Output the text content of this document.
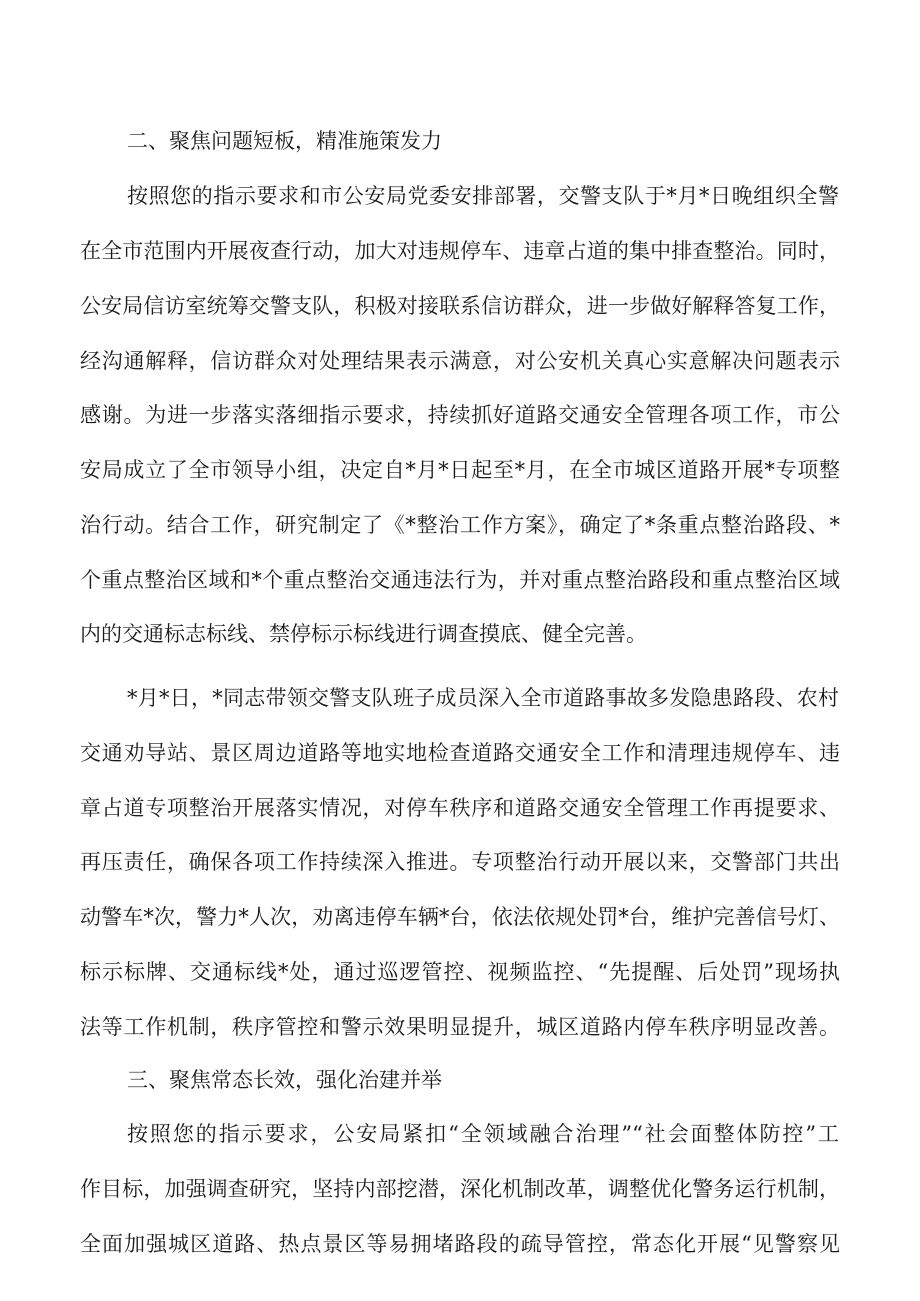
二、聚焦问题短板，精准施策发力
按照您的指示要求和市公安局党委安排部署，交警支队于*月*日晚组织全警
在全市范围内开展夜查行动，加大对违规停车、违章占道的集中排查整治。同时，
公安局信访室统筹交警支队，积极对接联系信访群众，进一步做好解释答复工作，
经沟通解释，信访群众对处理结果表示满意，对公安机关真心实意解决问题表示
感谢。为进一步落实落细指示要求，持续抓好道路交通安全管理各项工作，市公
安局成立了全市领导小组，决定自*月*日起至*月，在全市城区道路开展*专项整
治行动。结合工作，研究制定了《*整治工作方案》，确定了*条重点整治路段、*
个重点整治区域和*个重点整治交通违法行为，并对重点整治路段和重点整治区域
内的交通标志标线、禁停标示标线进行调查摸底、健全完善。
*月*日，*同志带领交警支队班子成员深入全市道路事故多发隐患路段、农村
交通劝导站、景区周边道路等地实地检查道路交通安全工作和清理违规停车、违
章占道专项整治开展落实情况，对停车秩序和道路交通安全管理工作再提要求、
再压责任，确保各项工作持续深入推进。专项整治行动开展以来，交警部门共出
动警车*次，警力*人次，劝离违停车辆*台，依法依规处罚*台，维护完善信号灯、
标示标牌、交通标线*处，通过巡逻管控、视频监控、“先提醒、后处罚”现场执
法等工作机制，秩序管控和警示效果明显提升，城区道路内停车秩序明显改善。
三、聚焦常态长效，强化治建并举
按照您的指示要求，公安局紧扣“全领域融合治理”“社会面整体防控”工
作目标，加强调查研究，坚持内部挖潜，深化机制改革，调整优化警务运行机制，
全面加强城区道路、热点景区等易拥堵路段的疏导管控，常态化开展“见警察见
